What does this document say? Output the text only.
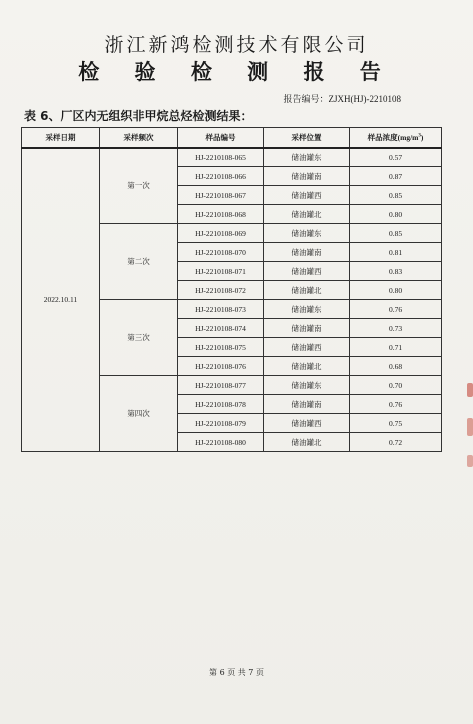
浙江新鸿检测技术有限公司
检 验 检 测 报 告
报告编号：ZJXH(HJ)-2210108
表 6、厂区内无组织非甲烷总烃检测结果：
采样日期	采样频次	样品编号	采样位置	样品浓度$(mg/m^3)$
2022.10.11	第一次	HJ-2210108-065	储油罐东	0.57
		HJ-2210108-066	储油罐南	0.87
		HJ-2210108-067	储油罐西	0.85
		HJ-2210108-068	储油罐北	0.80
	第二次	HJ-2210108-069	储油罐东	0.85
		HJ-2210108-070	储油罐南	0.81
		HJ-2210108-071	储油罐西	0.83
		HJ-2210108-072	储油罐北	0.80
	第三次	HJ-2210108-073	储油罐东	0.76
		HJ-2210108-074	储油罐南	0.73
		HJ-2210108-075	储油罐西	0.71
		HJ-2210108-076	储油罐北	0.68
	第四次	HJ-2210108-077	储油罐东	0.70
		HJ-2210108-078	储油罐南	0.76
		HJ-2210108-079	储油罐西	0.75
		HJ-2210108-080	储油罐北	0.72
第 6 页 共 7 页
